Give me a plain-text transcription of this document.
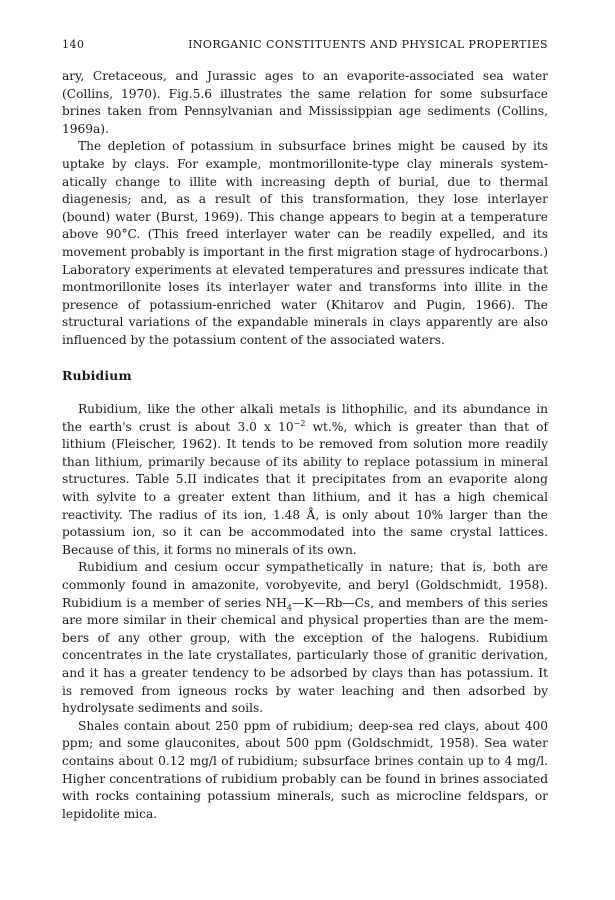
140	INORGANIC CONSTITUENTS AND PHYSICAL PROPERTIES

ary, Cretaceous, and Jurassic ages to an evaporite-associated sea water (Collins, 1970). Fig.5.6 illustrates the same relation for some subsurface brines taken from Pennsylvanian and Mississippian age sediments (Collins, 1969a).

The depletion of potassium in subsurface brines might be caused by its uptake by clays. For example, montmorillonite-type clay minerals systematically change to illite with increasing depth of burial, due to thermal diagenesis; and, as a result of this transformation, they lose interlayer (bound) water (Burst, 1969). This change appears to begin at a temperature above 90°C. (This freed interlayer water can be readily expelled, and its movement probably is important in the first migration stage of hydrocarbons.) Laboratory experiments at elevated temperatures and pressures indicate that montmorillonite loses its interlayer water and transforms into illite in the presence of potassium-enriched water (Khitarov and Pugin, 1966). The structural variations of the expandable minerals in clays apparently are also influenced by the potassium content of the associated waters.

Rubidium

Rubidium, like the other alkali metals is lithophilic, and its abundance in the earth's crust is about 3.0 x $10^{-2}$ wt.%, which is greater than that of lithium (Fleischer, 1962). It tends to be removed from solution more readily than lithium, primarily because of its ability to replace potassium in mineral structures. Table 5.II indicates that it precipitates from an evaporite along with sylvite to a greater extent than lithium, and it has a high chemical reactivity. The radius of its ion, 1.48 Å, is only about 10% larger than the potassium ion, so it can be accommodated into the same crystal lattices. Because of this, it forms no minerals of its own.

Rubidium and cesium occur sympathetically in nature; that is, both are commonly found in amazonite, vorobyevite, and beryl (Goldschmidt, 1958). Rubidium is a member of series $NH_4—K—Rb—Cs$, and members of this series are more similar in their chemical and physical properties than are the members of any other group, with the exception of the halogens. Rubidium concentrates in the late crystallates, particularly those of granitic derivation, and it has a greater tendency to be adsorbed by clays than has potassium. It is removed from igneous rocks by water leaching and then adsorbed by hydrolysate sediments and soils.

Shales contain about 250 ppm of rubidium; deep-sea red clays, about 400 ppm; and some glauconites, about 500 ppm (Goldschmidt, 1958). Sea water contains about 0.12 mg/l of rubidium; subsurface brines contain up to 4 mg/l. Higher concentrations of rubidium probably can be found in brines associated with rocks containing potassium minerals, such as microcline feldspars, or lepidolite mica.
